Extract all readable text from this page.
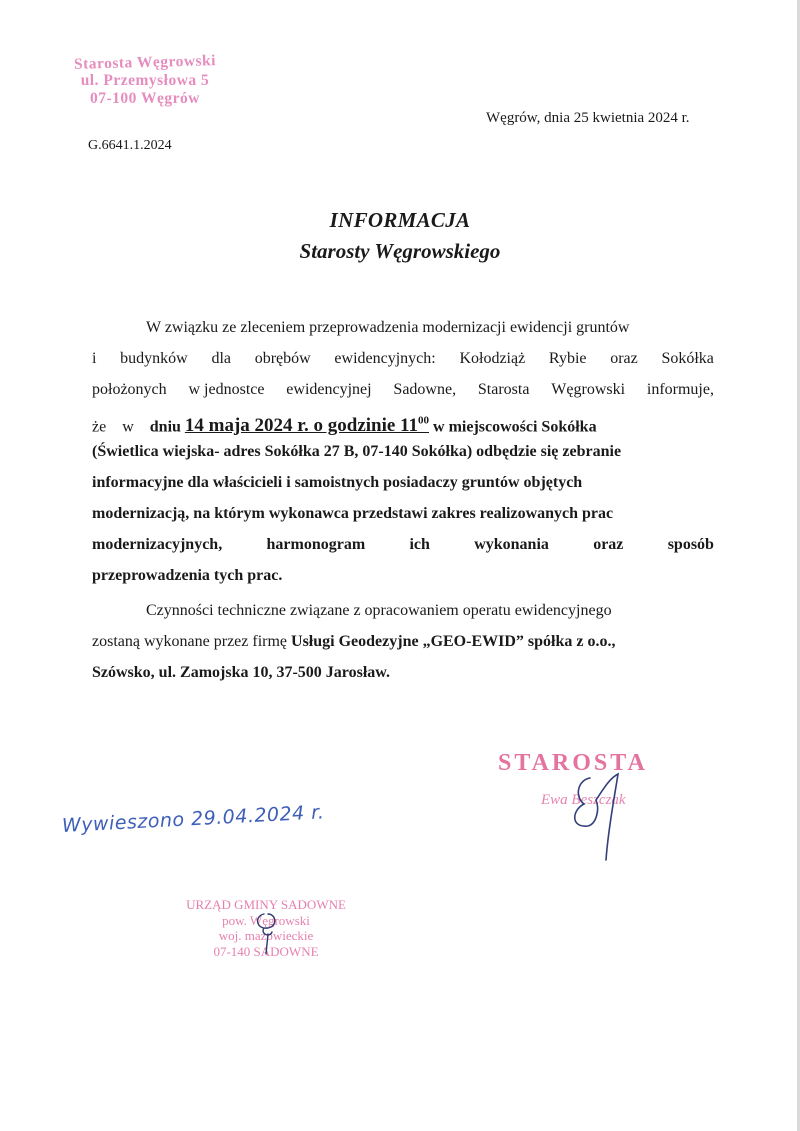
Starosta Węgrowski
ul. Przemysłowa 5
07-100 Węgrów
Węgrów, dnia 25 kwietnia 2024 r.
G.6641.1.2024
INFORMACJA
Starosty Węgrowskiego
W związku ze zleceniem przeprowadzenia modernizacji ewidencji gruntów
i budynków dla obrębów ewidencyjnych: Kołodziąż Rybie oraz Sokółka
położonych w jednostce ewidencyjnej Sadowne, Starosta Węgrowski informuje,
że w dniu 14 maja 2024 r. o godzinie $11^{00}$ w miejscowości Sokółka
(Świetlica wiejska- adres Sokółka 27 B, 07-140 Sokółka) odbędzie się zebranie
informacyjne dla właścicieli i samoistnych posiadaczy gruntów objętych
modernizacją, na którym wykonawca przedstawi zakres realizowanych prac
modernizacyjnych,	harmonogram	ich	wykonania	oraz	sposób
przeprowadzenia tych prac.
Czynności techniczne związane z opracowaniem operatu ewidencyjnego
zostaną wykonane przez firmę Usługi Geodezyjne „GEO-EWID” spółka z o.o.,
Szówsko, ul. Zamojska 10, 37-500 Jarosław.
STAROSTA
Ewa Beszczak
Wywieszono 29.04.2024 r.
URZĄD GMINY SADOWNE
pow. Węgrowski
woj. mazowieckie
07-140 SADOWNE
